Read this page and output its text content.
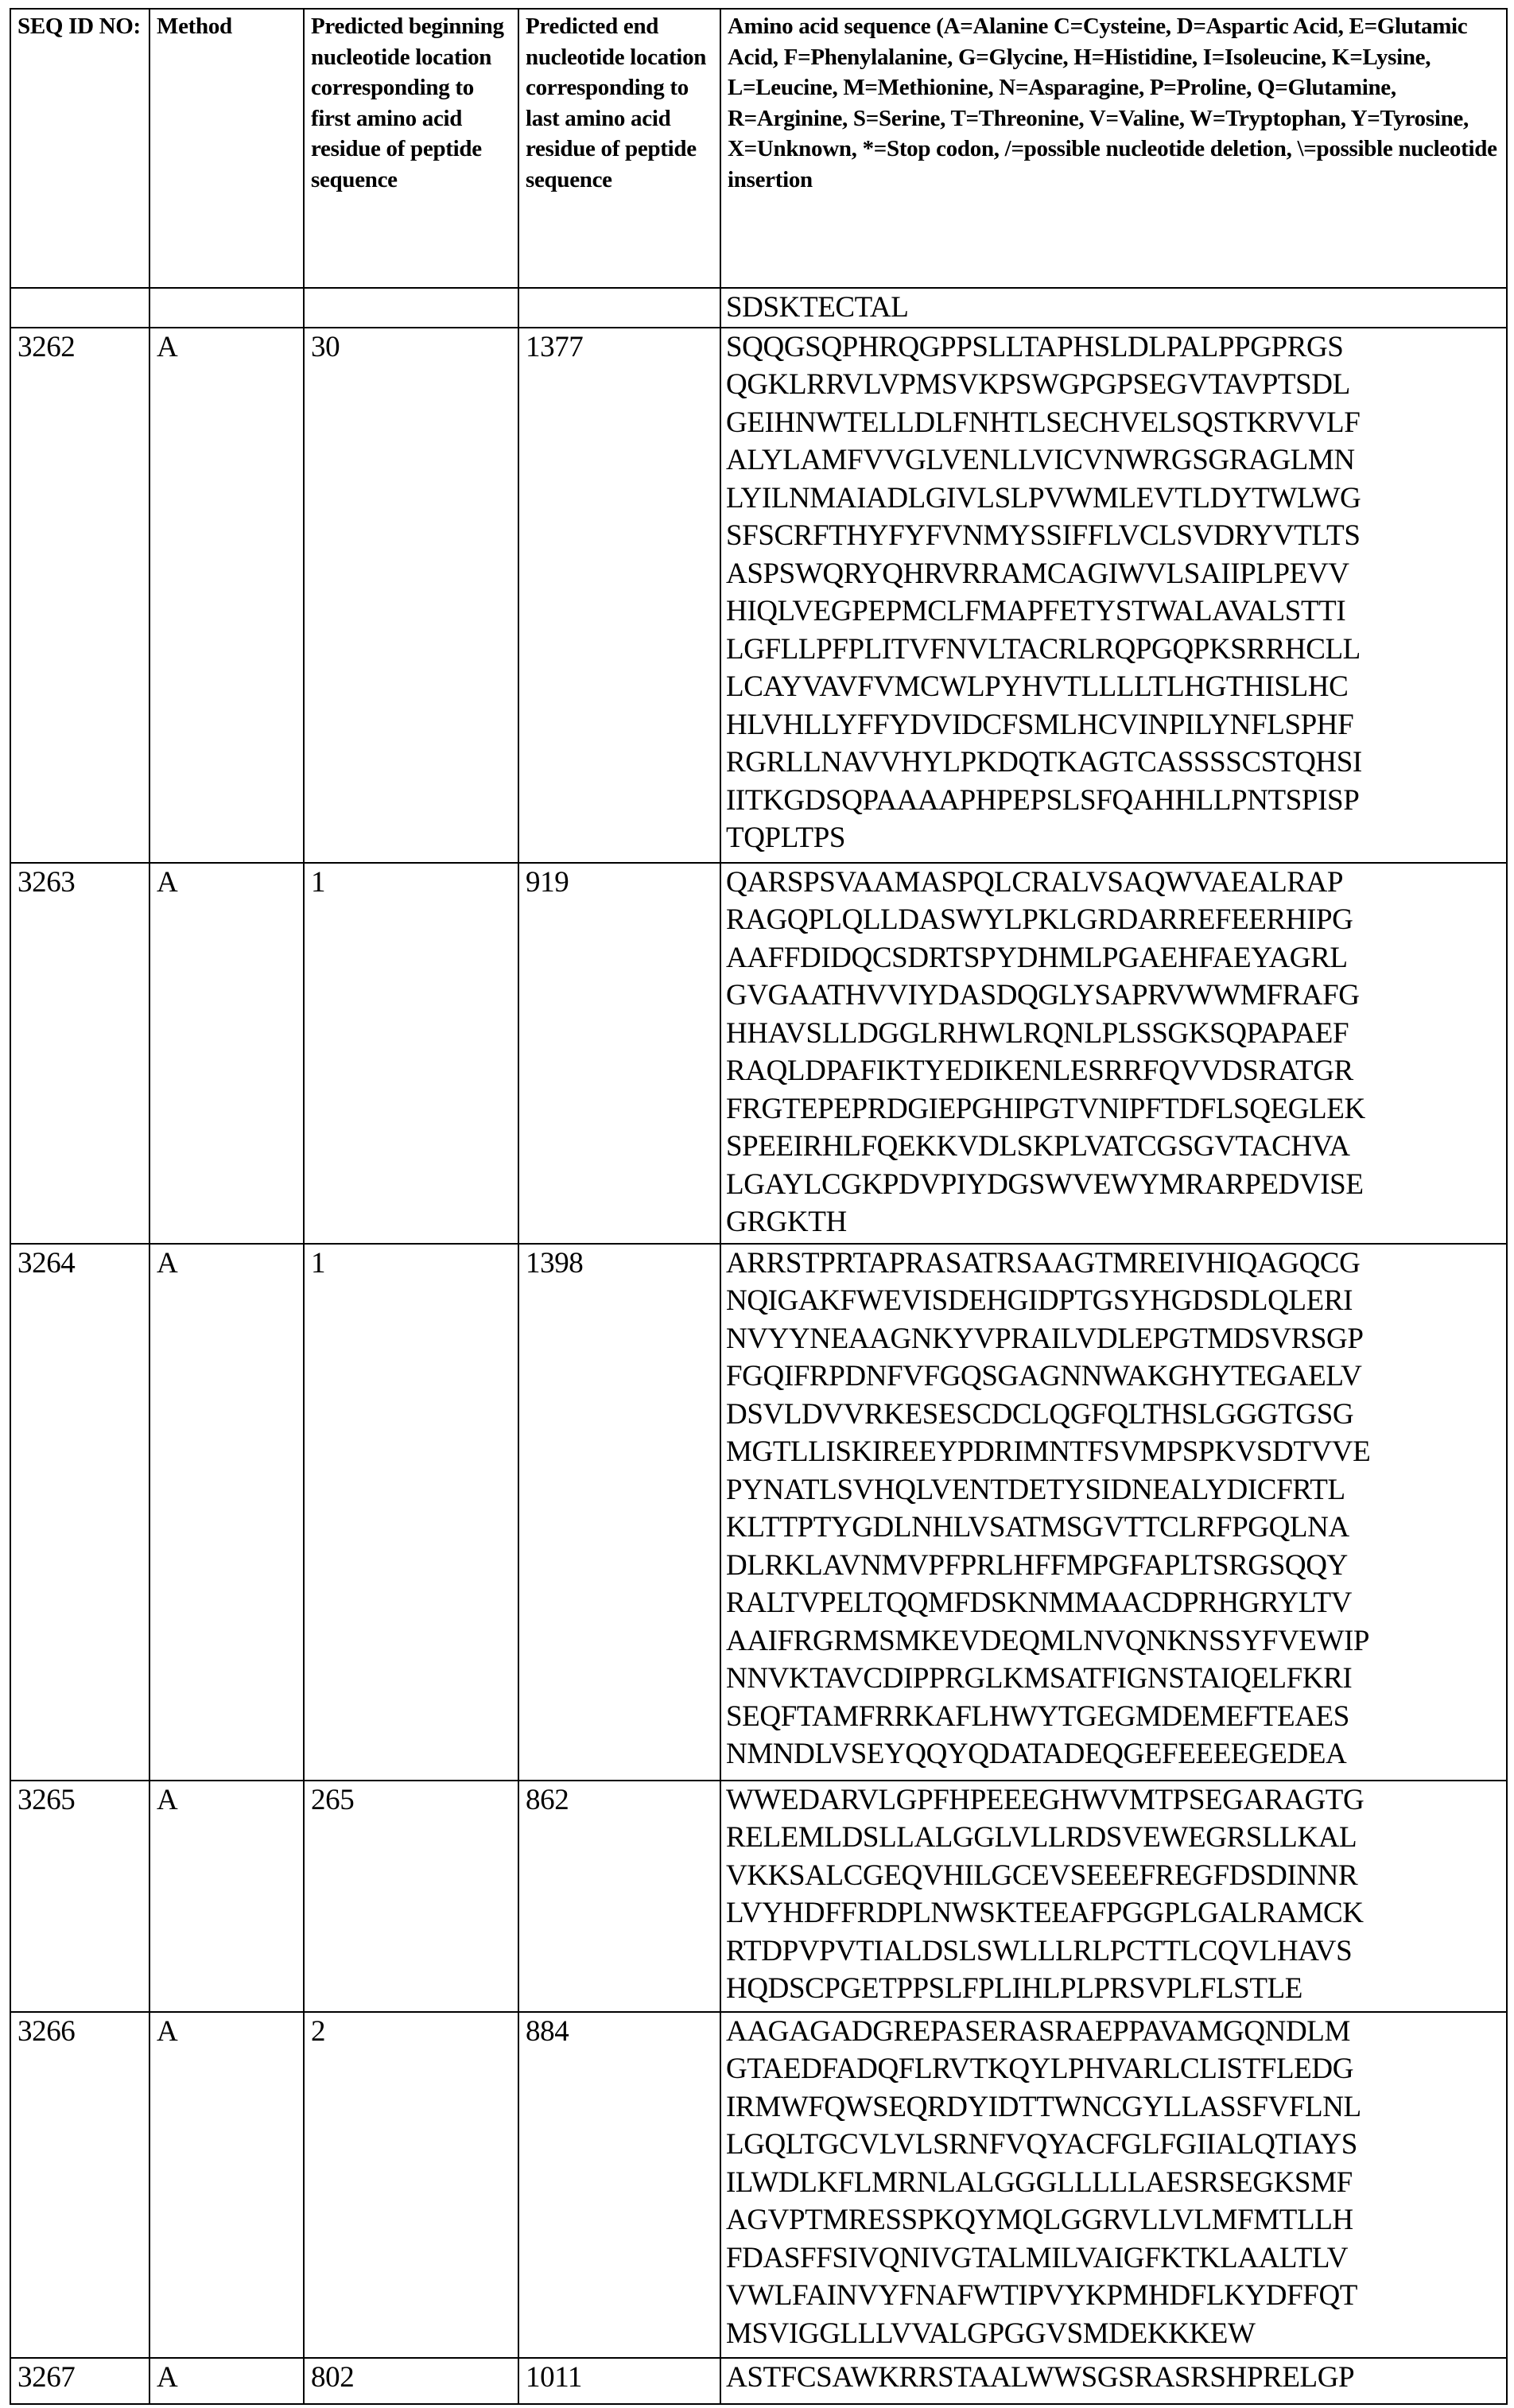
SEQ ID NO:	Method	Predicted beginning nucleotide location corresponding to first amino acid residue of peptide sequence	Predicted end nucleotide location corresponding to last amino acid residue of peptide sequence	Amino acid sequence (A=Alanine C=Cysteine, D=Aspartic Acid, E=Glutamic Acid, F=Phenylalanine, G=Glycine, H=Histidine, I=Isoleucine, K=Lysine, L=Leucine, M=Methionine, N=Asparagine, P=Proline, Q=Glutamine, R=Arginine, S=Serine, T=Threonine, V=Valine, W=Tryptophan, Y=Tyrosine, X=Unknown, *=Stop codon, /=possible nucleotide deletion, \=possible nucleotide insertion

SDSKTECTAL

3262	A	30	1377	SQQGSQPHRQGPPSLLTAPHSLDLPALPPGPRGS
QGKLRRVLVPMSVKPSWGPGPSEGVTAVPTSDL
GEIHNWTELLDLFNHTLSECHVELSQSTKRVVLF
ALYLAMFVVGLVENLLVICVNWRGSGRAGLMN
LYILNMAIADLGIVLSLPVWMLEVTLDYTWLWG
SFSCRFTHYFYFVNMYSSIFFLVCLSVDRYVTLTS
ASPSWQRYQHRVRRAMCAGIWVLSAIIPLPEVV
HIQLVEGPEPMCLFMAPFETYSTWALAVALSTTI
LGFLLPFPLITVFNVLTACRLRQPGQPKSRRHCLL
LCAYVAVFVMCWLPYHVTLLLLTLHGTHISLHC
HLVHLLYFFYDVIDCFSMLHCVINPILYNFLSPHF
RGRLLNAVVHYLPKDQTKAGTCASSSSCSTQHSI
IITKGDSQPAAAAPHPEPSLSFQAHHLLPNTSPISP
TQPLTPS

3263	A	1	919	QARSPSVAAMASPQLCRALVSAQWVAEALRAP
RAGQPLQLLDASWYLPKLGRDARREFEERHIPG
AAFFDIDQCSDRTSPYDHMLPGAEHFAEYAGRL
GVGAATHVVIYDASDQGLYSAPRVWWMFRAFG
HHAVSLLDGGLRHWLRQNLPLSSGKSQPAPAEF
RAQLDPAFIKTYEDIKENLESRRFQVVDSRATGR
FRGTEPEPRDGIEPGHIPGTVNIPFTDFLSQEGLEK
SPEEIRHLFQEKKVDLSKPLVATCGSGVTACHVA
LGAYLCGKPDVPIYDGSWVEWYMRARPEDVISE
GRGKTH

3264	A	1	1398	ARRSTPRTAPRASATRSAAGTMREIVHIQAGQCG
NQIGAKFWEVISDEHGIDPTGSYHGDSDLQLERI
NVYYNEAAGNKYVPRAILVDLEPGTMDSVRSGP
FGQIFRPDNFVFGQSGAGNNWAKGHYTEGAELV
DSVLDVVRKESESCDCLQGFQLTHSLGGGTGSG
MGTLLISKIREEYPDRIMNTFSVMPSPKVSDTVVE
PYNATLSVHQLVENTDETYSIDNEALYDICFRTL
KLTTPTYGDLNHLVSATMSGVTTCLRFPGQLNA
DLRKLAVNMVPFPRLHFFMPGFAPLTSRGSQQY
RALTVPELTQQMFDSKNMMAACDPRHGRYLTV
AAIFRGRMSMKEVDEQMLNVQNKNSSYFVEWIP
NNVKTAVCDIPPRGLKMSATFIGNSTAIQELFKRI
SEQFTAMFRRKAFLHWYTGEGMDEMEFTEAES
NMNDLVSEYQQYQDATADEQGEFEEEEGEDEA

3265	A	265	862	WWEDARVLGPFHPEEEGHWVMTPSEGARAGTG
RELEMLDSLLALGGLVLLRDSVEWEGRSLLKAL
VKKSALCGEQVHILGCEVSEEEFREGFDSDINNR
LVYHDFFRDPLNWSKTEEAFPGGPLGALRAMCK
RTDPVPVTIALDSLSWLLLRLPCTTLCQVLHAVS
HQDSCPGETPPSLFPLIHLPLPRSVPLFLSTLE

3266	A	2	884	AAGAGADGREPASERASRAEPPAVAMGQNDLM
GTAEDFADQFLRVTKQYLPHVARLCLISTFLEDG
IRMWFQWSEQRDYIDTTWNCGYLLASSFVFLNL
LGQLTGCVLVLSRNFVQYACFGLFGIIALQTIAYS
ILWDLKFLMRNLALGGGLLLLLAESRSEGKSMF
AGVPTMRESSPKQYMQLGGRVLLVLMFMTLLH
FDASFFSIVQNIVGTALMILVAIGFKTKLAALTLV
VWLFAINVYFNAFWTIPVYKPMHDFLKYDFFQT
MSVIGGLLLVVALGPGGVSMDEKKKEW

3267	A	802	1011	ASTFCSAWKRRSTAALWWSGSRASRSHPRELGP
